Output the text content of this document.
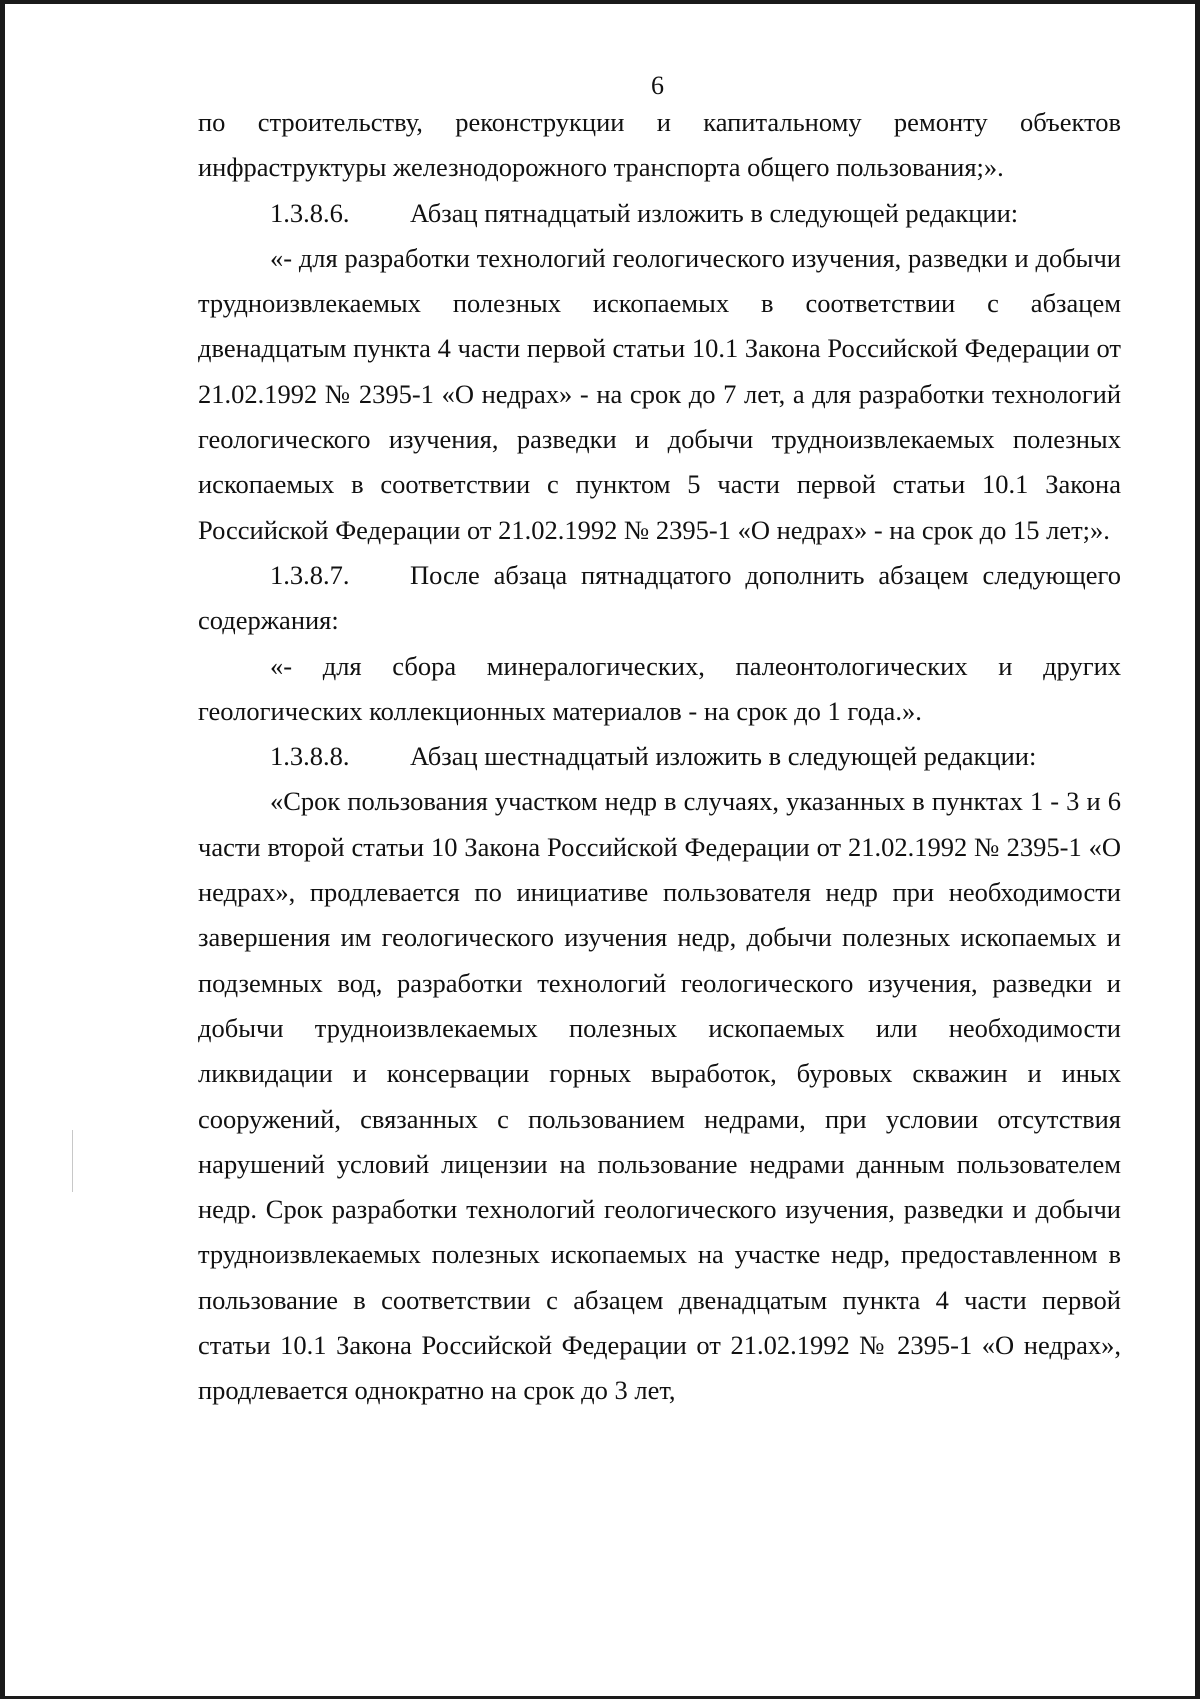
6

по строительству, реконструкции и капитальному ремонту объектов инфраструктуры железнодорожного транспорта общего пользования;».

1.3.8.6. Абзац пятнадцатый изложить в следующей редакции:

«- для разработки технологий геологического изучения, разведки и добычи трудноизвлекаемых полезных ископаемых в соответствии с абзацем двенадцатым пункта 4 части первой статьи 10.1 Закона Российской Федерации от 21.02.1992 № 2395-1 «О недрах» - на срок до 7 лет, а для разработки технологий геологического изучения, разведки и добычи трудноизвлекаемых полезных ископаемых в соответствии с пунктом 5 части первой статьи 10.1 Закона Российской Федерации от 21.02.1992 № 2395-1 «О недрах» - на срок до 15 лет;».

1.3.8.7. После абзаца пятнадцатого дополнить абзацем следующего содержания:

«- для сбора минералогических, палеонтологических и других геологических коллекционных материалов - на срок до 1 года.».

1.3.8.8. Абзац шестнадцатый изложить в следующей редакции:

«Срок пользования участком недр в случаях, указанных в пунктах 1 - 3 и 6 части второй статьи 10 Закона Российской Федерации от 21.02.1992 № 2395-1 «О недрах», продлевается по инициативе пользователя недр при необходимости завершения им геологического изучения недр, добычи полезных ископаемых и подземных вод, разработки технологий геологического изучения, разведки и добычи трудноизвлекаемых полезных ископаемых или необходимости ликвидации и консервации горных выработок, буровых скважин и иных сооружений, связанных с пользованием недрами, при условии отсутствия нарушений условий лицензии на пользование недрами данным пользователем недр. Срок разработки технологий геологического изучения, разведки и добычи трудноизвлекаемых полезных ископаемых на участке недр, предоставленном в пользование в соответствии с абзацем двенадцатым пункта 4 части первой статьи 10.1 Закона Российской Федерации от 21.02.1992 № 2395-1 «О недрах», продлевается однократно на срок до 3 лет,
